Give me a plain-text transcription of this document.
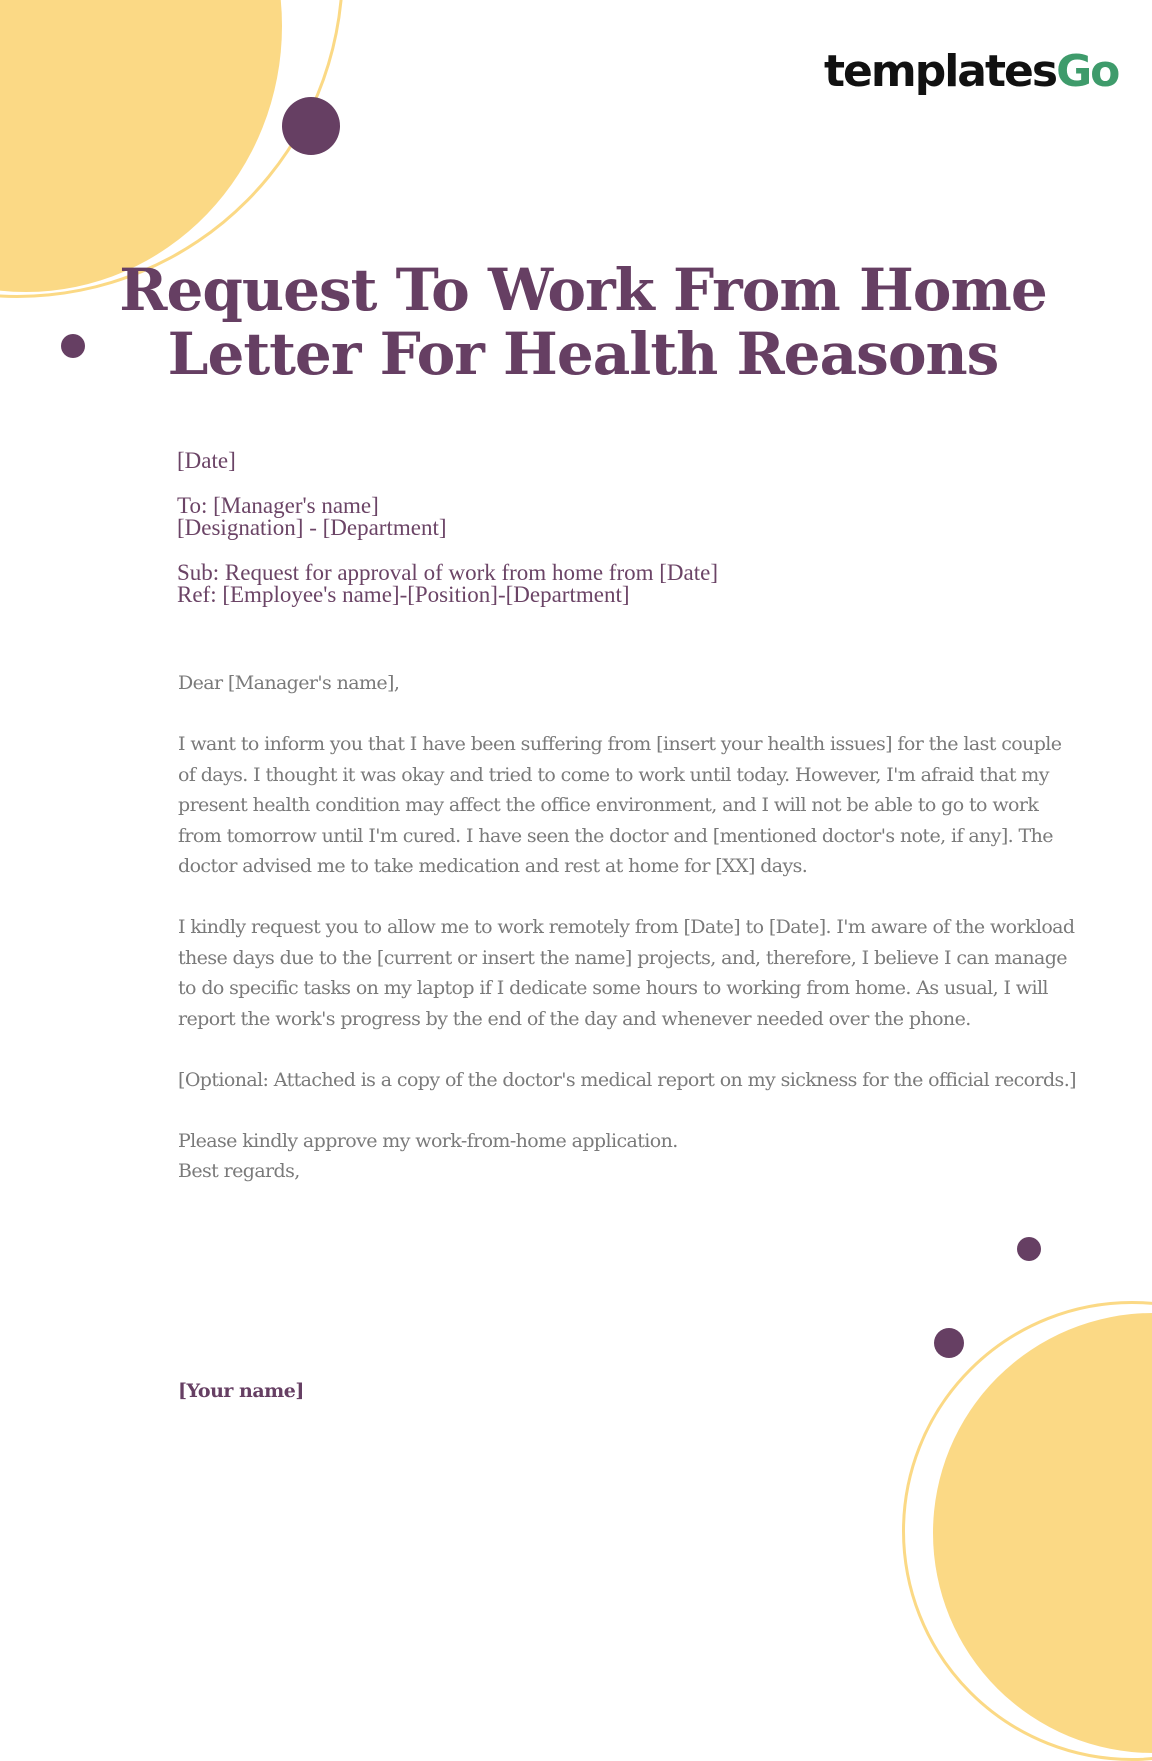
templatesGo
Request To Work From Home
Letter For Health Reasons

[Date]

To: [Manager's name]

[Designation] - [Department]

Sub: Request for approval of work from home from [Date]

Ref: [Employee's name]-[Position]-[Department]

Dear [Manager's name],

I want to inform you that I have been suffering from [insert your health issues] for the last couple of days. I thought it was okay and tried to come to work until today. However, I'm afraid that my present health condition may affect the office environment, and I will not be able to go to work from tomorrow until I'm cured. I have seen the doctor and [mentioned doctor's note, if any]. The doctor advised me to take medication and rest at home for [XX] days.

I kindly request you to allow me to work remotely from [Date] to [Date]. I'm aware of the workload these days due to the [current or insert the name] projects, and, therefore, I believe I can manage to do specific tasks on my laptop if I dedicate some hours to working from home. As usual, I will report the work's progress by the end of the day and whenever needed over the phone.

[Optional: Attached is a copy of the doctor's medical report on my sickness for the official records.]

Please kindly approve my work-from-home application.

Best regards,

[Your name]
